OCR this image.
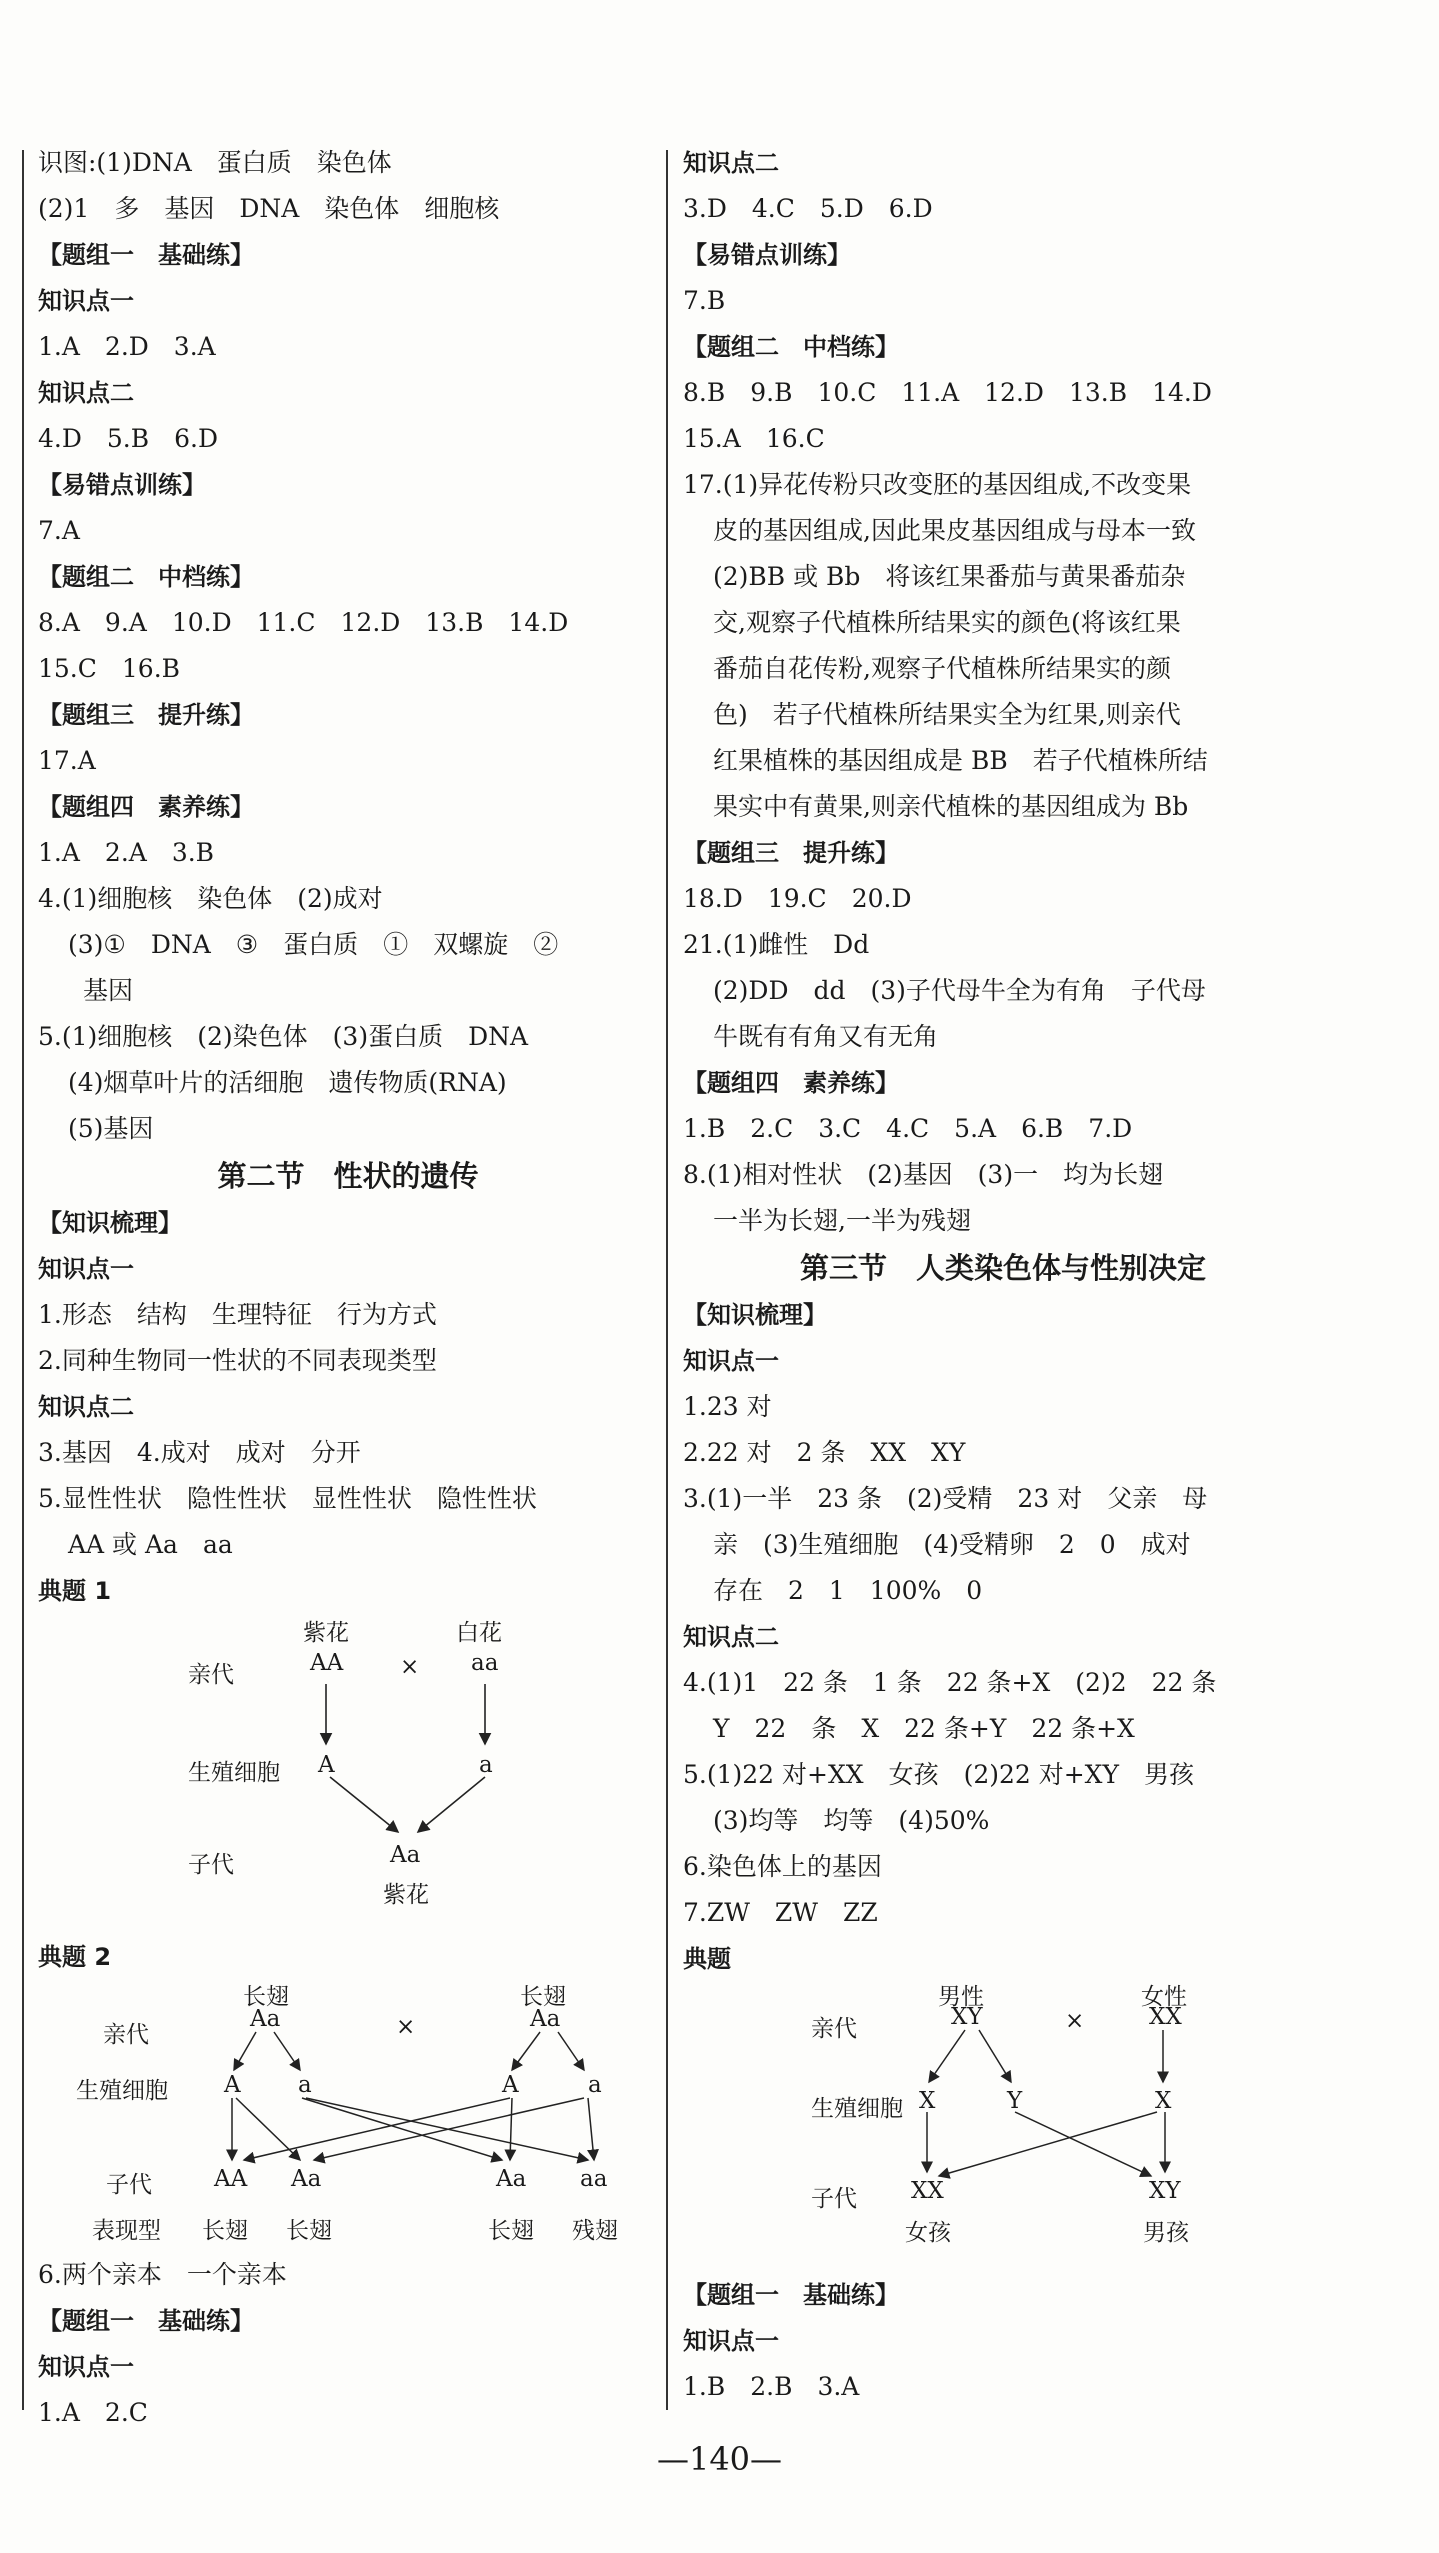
识图:(1)DNA　蛋白质　染色体
(2)1　多　基因　DNA　染色体　细胞核
【题组一　基础练】
知识点一
1.A　2.D　3.A
知识点二
4.D　5.B　6.D
【易错点训练】
7.A
【题组二　中档练】
8.A　9.A　10.D　11.C　12.D　13.B　14.D
15.C　16.B
【题组三　提升练】
17.A
【题组四　素养练】
1.A　2.A　3.B
4.(1)细胞核　染色体　(2)成对
(3)①　DNA　③　蛋白质　①　双螺旋　②
基因
5.(1)细胞核　(2)染色体　(3)蛋白质　DNA
(4)烟草叶片的活细胞　遗传物质(RNA)
(5)基因
第二节　性状的遗传
【知识梳理】
知识点一
1.形态　结构　生理特征　行为方式
2.同种生物同一性状的不同表现类型
知识点二
3.基因　4.成对　成对　分开
5.显性性状　隐性性状　显性性状　隐性性状
AA 或 Aa　aa
典题 1
紫花	白花
亲代	AA × aa
生殖细胞 A	a
子代	Aa
紫花
典题 2
长翅	长翅
亲代
Aa	×	Aa
生殖细胞 A a	A	a
子代	AA Aa	Aa aa
表现型 长翅 长翅	长翅 残翅
6.两个亲本　一个亲本
【题组一　基础练】
知识点一
1.A　2.C
知识点二
3.D　4.C　5.D　6.D
【易错点训练】
7.B
【题组二　中档练】
8.B　9.B　10.C　11.A　12.D　13.B　14.D
15.A　16.C
17.(1)异花传粉只改变胚的基因组成,不改变果
皮的基因组成,因此果皮基因组成与母本一致
(2)BB 或 Bb　将该红果番茄与黄果番茄杂
交,观察子代植株所结果实的颜色(将该红果
番茄自花传粉,观察子代植株所结果实的颜
色)　若子代植株所结果实全为红果,则亲代
红果植株的基因组成是 BB　若子代植株所结
果实中有黄果,则亲代植株的基因组成为 Bb
【题组三　提升练】
18.D　19.C　20.D
21.(1)雌性　Dd
(2)DD　dd　(3)子代母牛全为有角　子代母
牛既有有角又有无角
【题组四　素养练】
1.B　2.C　3.C　4.C　5.A　6.B　7.D
8.(1)相对性状　(2)基因　(3)一　均为长翅
一半为长翅,一半为残翅
第三节　人类染色体与性别决定
【知识梳理】
知识点一
1.23 对
2.22 对　2 条　XX　XY
3.(1)一半　23 条　(2)受精　23 对　父亲　母
亲　(3)生殖细胞　(4)受精卵　2　0　成对
存在　2　1　100%　0
知识点二
4.(1)1　22 条　1 条　22 条+X　(2)2　22 条
Y　22　条　X　22 条+Y　22 条+X
5.(1)22 对+XX　女孩　(2)22 对+XY　男孩
(3)均等　均等　(4)50%
6.染色体上的基因
7.ZW　ZW　ZZ
典题
男性	女性
亲代	XY	×	XX
生殖细胞 X	Y	X
子代 XX	XY
女孩	男孩
【题组一　基础练】
知识点一
1.B　2.B　3.A
—140—
